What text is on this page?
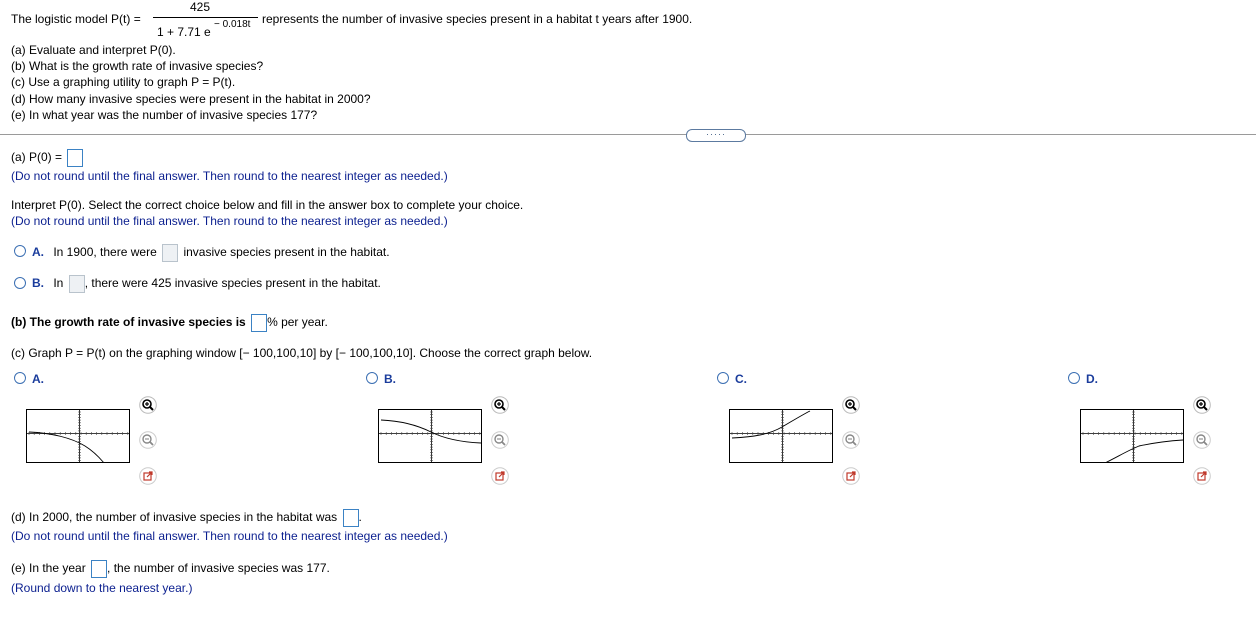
425
The logistic model P(t) =
1 + 7.71 e
− 0.018t represents the number of invasive species present in a habitat t years after 1900.
(a) Evaluate and interpret P(0).
(b) What is the growth rate of invasive species?
(c) Use a graphing utility to graph P = P(t).
(d) How many invasive species were present in the habitat in 2000?
(e) In what year was the number of invasive species 177?
·····
(a) P(0) =
(Do not round until the final answer. Then round to the nearest integer as needed.)
Interpret P(0). Select the correct choice below and fill in the answer box to complete your choice.
(Do not round until the final answer. Then round to the nearest integer as needed.)
A. In 1900, there were invasive species present in the habitat.
B. In , there were 425 invasive species present in the habitat.
(b) The growth rate of invasive species is % per year.
(c) Graph P = P(t) on the graphing window [− 100,100,10] by [− 100,100,10]. Choose the correct graph below.
A.	B.	C.	D.
(d) In 2000, the number of invasive species in the habitat was .
(Do not round until the final answer. Then round to the nearest integer as needed.)
(e) In the year , the number of invasive species was 177.
(Round down to the nearest year.)
